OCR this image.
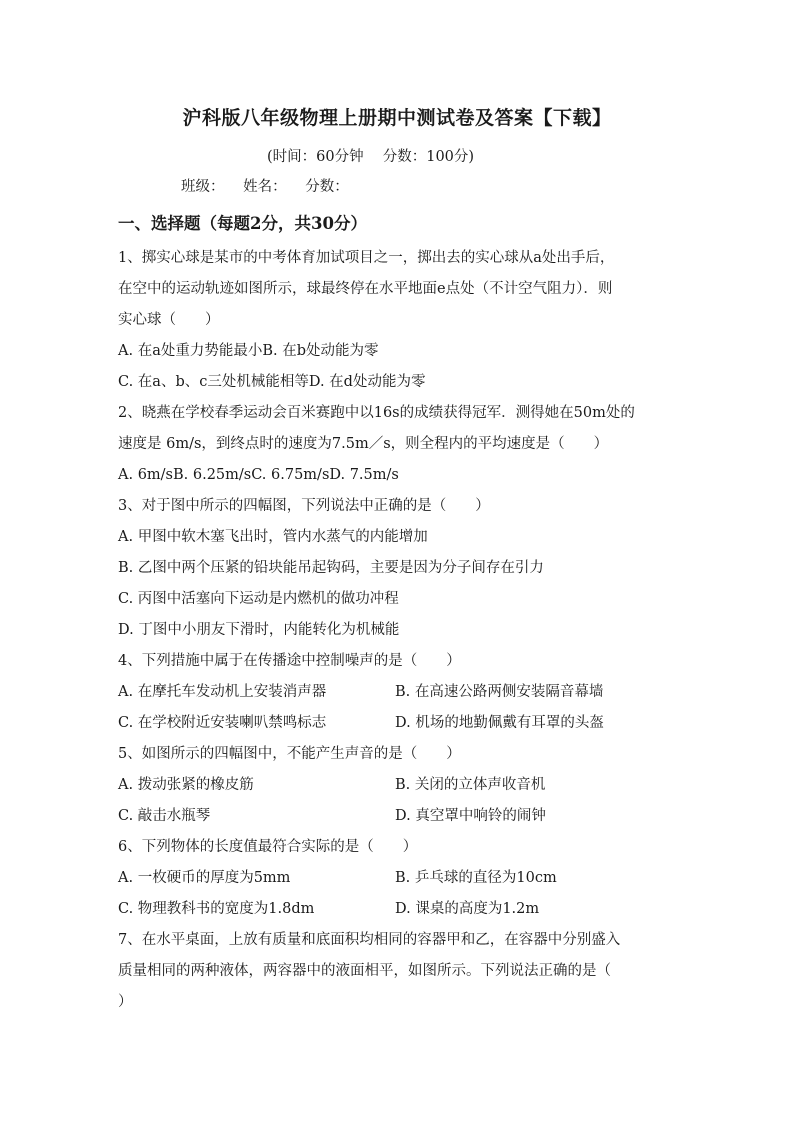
沪科版八年级物理上册期中测试卷及答案【下载】
(时间：60分钟　 分数：100分)
班级： 姓名： 分数：
一、选择题（每题2分，共30分）
1、掷实心球是某市的中考体育加试项目之一，掷出去的实心球从a处出手后，
在空中的运动轨迹如图所示，球最终停在水平地面e点处（不计空气阻力）．则
实心球（　　）
A. 在a处重力势能最小B. 在b处动能为零
C. 在a、b、c三处机械能相等D. 在d处动能为零
2、晓燕在学校春季运动会百米赛跑中以16s的成绩获得冠军．测得她在50m处的
速度是 6m/s，到终点时的速度为7.5m／s，则全程内的平均速度是（　　）
A. 6m/sB. 6.25m/sC. 6.75m/sD. 7.5m/s
3、对于图中所示的四幅图，下列说法中正确的是（　　）
A. 甲图中软木塞飞出时，管内水蒸气的内能增加
B. 乙图中两个压紧的铅块能吊起钩码，主要是因为分子间存在引力
C. 丙图中活塞向下运动是内燃机的做功冲程
D. 丁图中小朋友下滑时，内能转化为机械能
4、下列措施中属于在传播途中控制噪声的是（　　）
A. 在摩托车发动机上安装消声器	B. 在高速公路两侧安装隔音幕墙
C. 在学校附近安装喇叭禁鸣标志	D. 机场的地勤佩戴有耳罩的头盔
5、如图所示的四幅图中，不能产生声音的是（　　）
A. 拨动张紧的橡皮筋	B. 关闭的立体声收音机
C. 敲击水瓶琴	D. 真空罩中响铃的闹钟
6、下列物体的长度值最符合实际的是（　　）
A. 一枚硬币的厚度为5mm	B. 乒乓球的直径为10cm
C. 物理教科书的宽度为1.8dm	D. 课桌的高度为1.2m
7、在水平桌面，上放有质量和底面积均相同的容器甲和乙，在容器中分别盛入
质量相同的两种液体，两容器中的液面相平，如图所示。下列说法正确的是（
）
